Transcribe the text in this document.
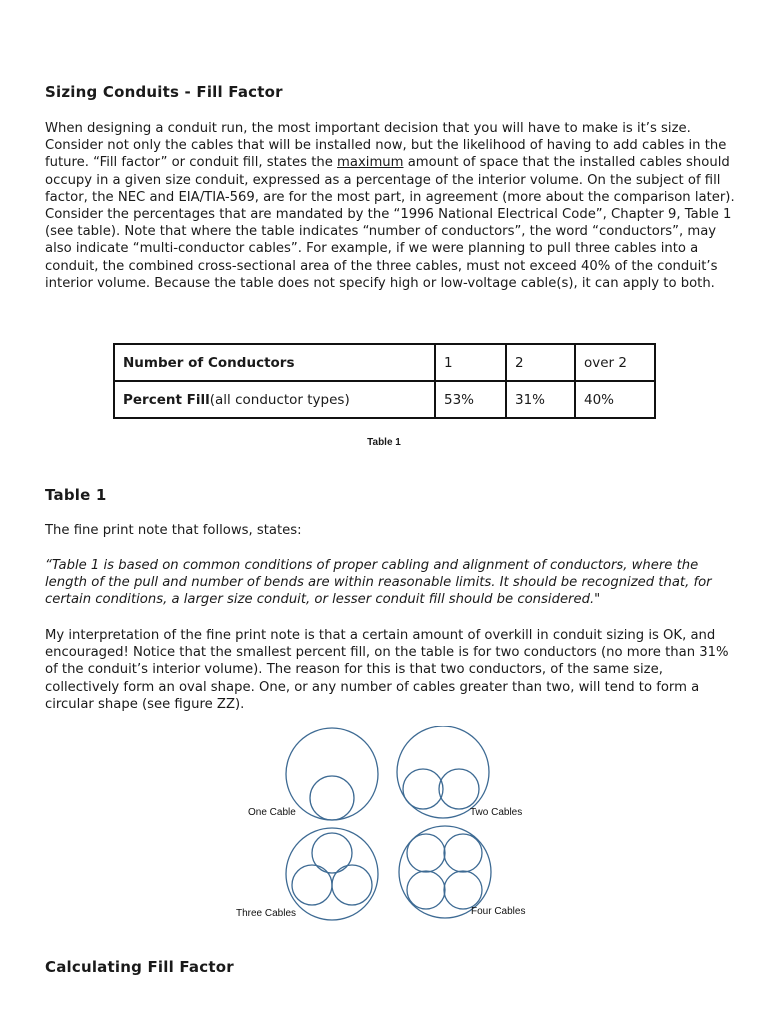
Sizing Conduits - Fill Factor

When designing a conduit run, the most important decision that you will have to make is it’s size. Consider not only the cables that will be installed now, but the likelihood of having to add cables in the future. “Fill factor” or conduit fill, states the maximum amount of space that the installed cables should occupy in a given size conduit, expressed as a percentage of the interior volume. On the subject of fill factor, the NEC and EIA/TIA-569, are for the most part, in agreement (more about the comparison later). Consider the percentages that are mandated by the “1996 National Electrical Code”, Chapter 9, Table 1 (see table). Note that where the table indicates “number of conductors”, the word “conductors”, may also indicate “multi-conductor cables”. For example, if we were planning to pull three cables into a conduit, the combined cross-sectional area of the three cables, must not exceed 40% of the conduit’s interior volume. Because the table does not specify high or low-voltage cable(s), it can apply to both.

Number of Conductors	1	2	over 2
Percent Fill(all conductor types)	53%	31%	40%
Table 1
Table 1

The fine print note that follows, states:

“Table 1 is based on common conditions of proper cabling and alignment of conductors, where the length of the pull and number of bends are within reasonable limits. It should be recognized that, for certain conditions, a larger size conduit, or lesser conduit fill should be considered."

My interpretation of the fine print note is that a certain amount of overkill in conduit sizing is OK, and encouraged! Notice that the smallest percent fill, on the table is for two conductors (no more than 31% of the conduit’s interior volume). The reason for this is that two conductors, of the same size, collectively form an oval shape. One, or any number of cables greater than two, will tend to form a circular shape (see figure ZZ).

One Cable	Two Cables
Three Cables	Four Cables
Calculating Fill Factor
